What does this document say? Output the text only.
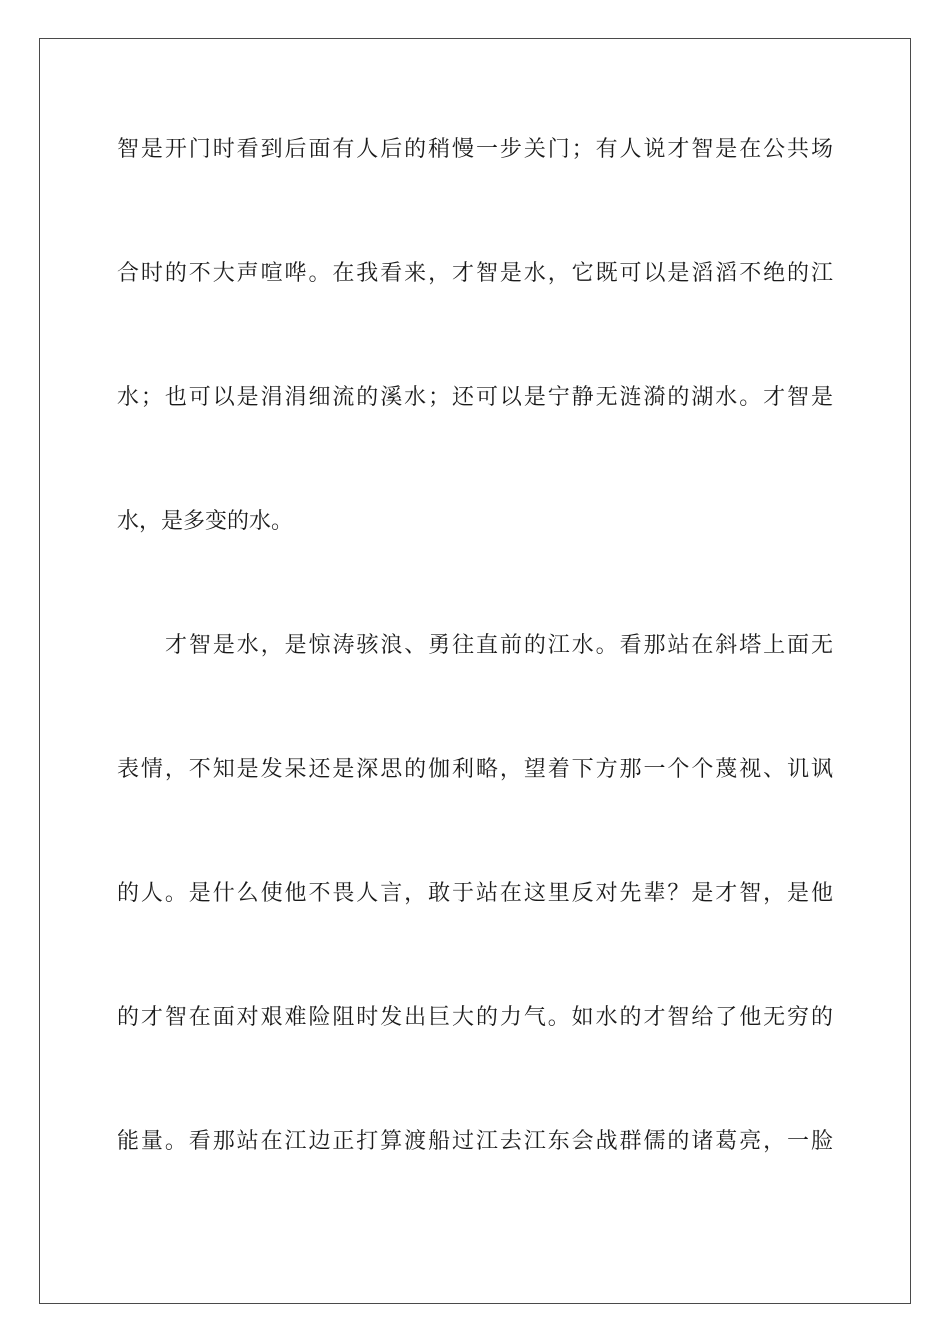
智是开门时看到后面有人后的稍慢一步关门；有人说才智是在公共场
合时的不大声喧哗。在我看来，才智是水，它既可以是滔滔不绝的江
水；也可以是涓涓细流的溪水；还可以是宁静无涟漪的湖水。才智是
水，是多变的水。
才智是水，是惊涛骇浪、勇往直前的江水。看那站在斜塔上面无
表情，不知是发呆还是深思的伽利略，望着下方那一个个蔑视、讥讽
的人。是什么使他不畏人言，敢于站在这里反对先辈？是才智，是他
的才智在面对艰难险阻时发出巨大的力气。如水的才智给了他无穷的
能量。看那站在江边正打算渡船过江去江东会战群儒的诸葛亮，一脸
